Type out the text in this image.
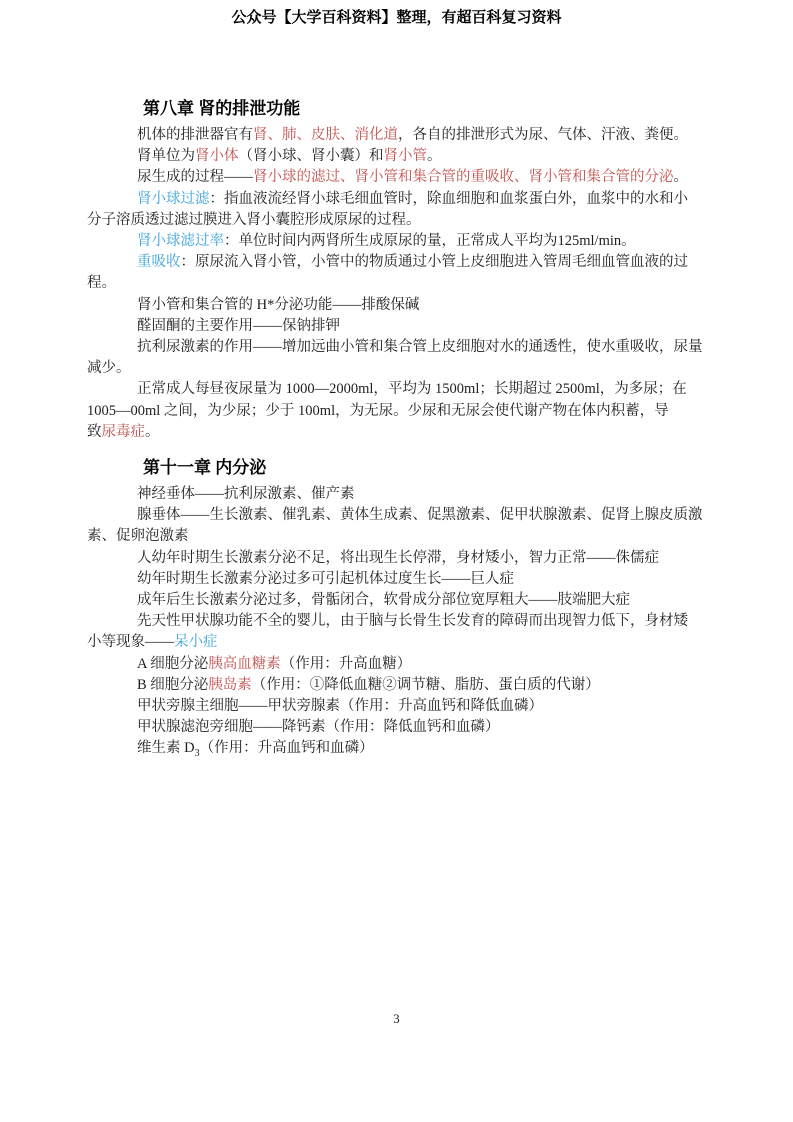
公众号【大学百科资料】整理，有超百科复习资料
第八章 肾的排泄功能
机体的排泄器官有肾、肺、皮肤、消化道，各自的排泄形式为尿、气体、汗液、粪便。
肾单位为肾小体（肾小球、肾小囊）和肾小管。
尿生成的过程——肾小球的滤过、肾小管和集合管的重吸收、肾小管和集合管的分泌。
肾小球过滤：指血液流经肾小球毛细血管时，除血细胞和血浆蛋白外，血浆中的水和小
分子溶质透过滤过膜进入肾小囊腔形成原尿的过程。
肾小球滤过率：单位时间内两肾所生成原尿的量，正常成人平均为125ml/min。
重吸收：原尿流入肾小管，小管中的物质通过小管上皮细胞进入管周毛细血管血液的过
程。
肾小管和集合管的 H*分泌功能——排酸保碱
醛固酮的主要作用——保钠排钾
抗利尿激素的作用——增加远曲小管和集合管上皮细胞对水的通透性，使水重吸收，尿量
减少。
正常成人每昼夜尿量为 1000—2000ml，平均为 1500ml；长期超过 2500ml，为多尿；在
1005—00ml 之间，为少尿；少于 100ml，为无尿。少尿和无尿会使代谢产物在体内积蓄，导
致尿毒症。
第十一章 内分泌
神经垂体——抗利尿激素、催产素
腺垂体——生长激素、催乳素、黄体生成素、促黑激素、促甲状腺激素、促肾上腺皮质激
素、促卵泡激素
人幼年时期生长激素分泌不足，将出现生长停滞，身材矮小，智力正常——侏儒症
幼年时期生长激素分泌过多可引起机体过度生长——巨人症
成年后生长激素分泌过多，骨骺闭合，软骨成分部位宽厚粗大——肢端肥大症
先天性甲状腺功能不全的婴儿，由于脑与长骨生长发育的障碍而出现智力低下，身材矮
小等现象——呆小症
A 细胞分泌胰高血糖素（作用：升高血糖）
B 细胞分泌胰岛素（作用：①降低血糖②调节糖、脂肪、蛋白质的代谢）
甲状旁腺主细胞——甲状旁腺素（作用：升高血钙和降低血磷）
甲状腺滤泡旁细胞——降钙素（作用：降低血钙和血磷）
维生素 $D_3$（作用：升高血钙和血磷）
3
